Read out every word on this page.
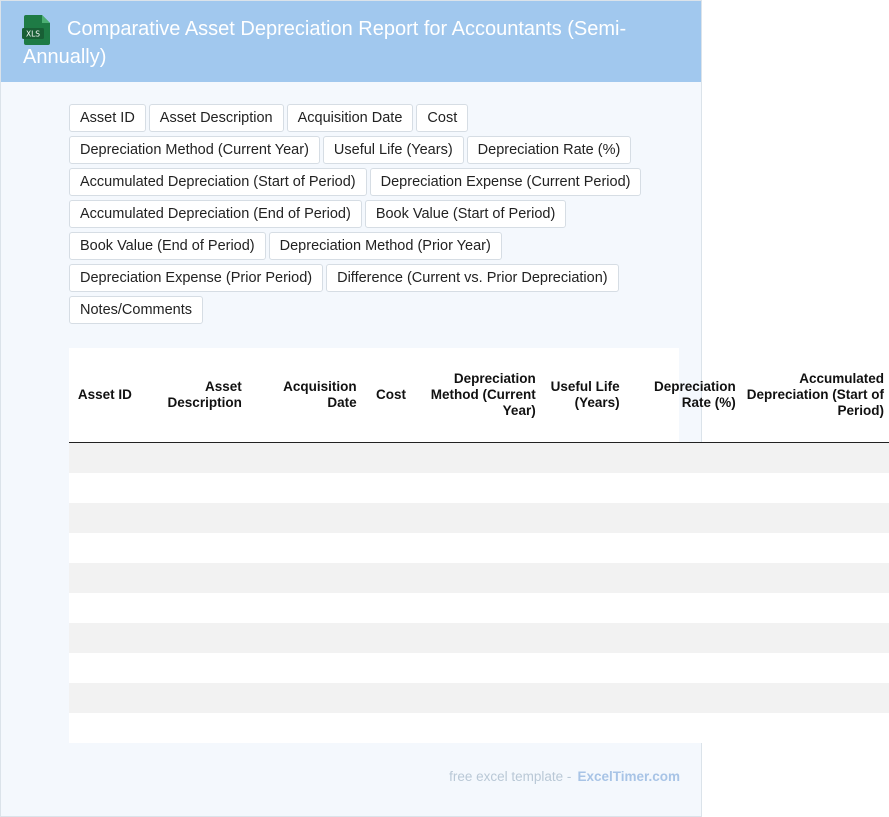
XLS	Comparative Asset Depreciation Report for Accountants (Semi-Annually)
Asset ID	Asset Description	Acquisition Date	Cost
Depreciation Method (Current Year)	Useful Life (Years)	Depreciation Rate (%)
Accumulated Depreciation (Start of Period)	Depreciation Expense (Current Period)
Accumulated Depreciation (End of Period)	Book Value (Start of Period)
Book Value (End of Period)	Depreciation Method (Prior Year)
Depreciation Expense (Prior Period)	Difference (Current vs. Prior Depreciation)
Notes/Comments
Asset ID	Asset Description	Acquisition Date	Cost	Depreciation Method (Current Year)	Useful Life (Years)	Depreciation Rate (%)	Accumulated Depreciation (Start of Period)

free excel template - ExcelTimer.com
